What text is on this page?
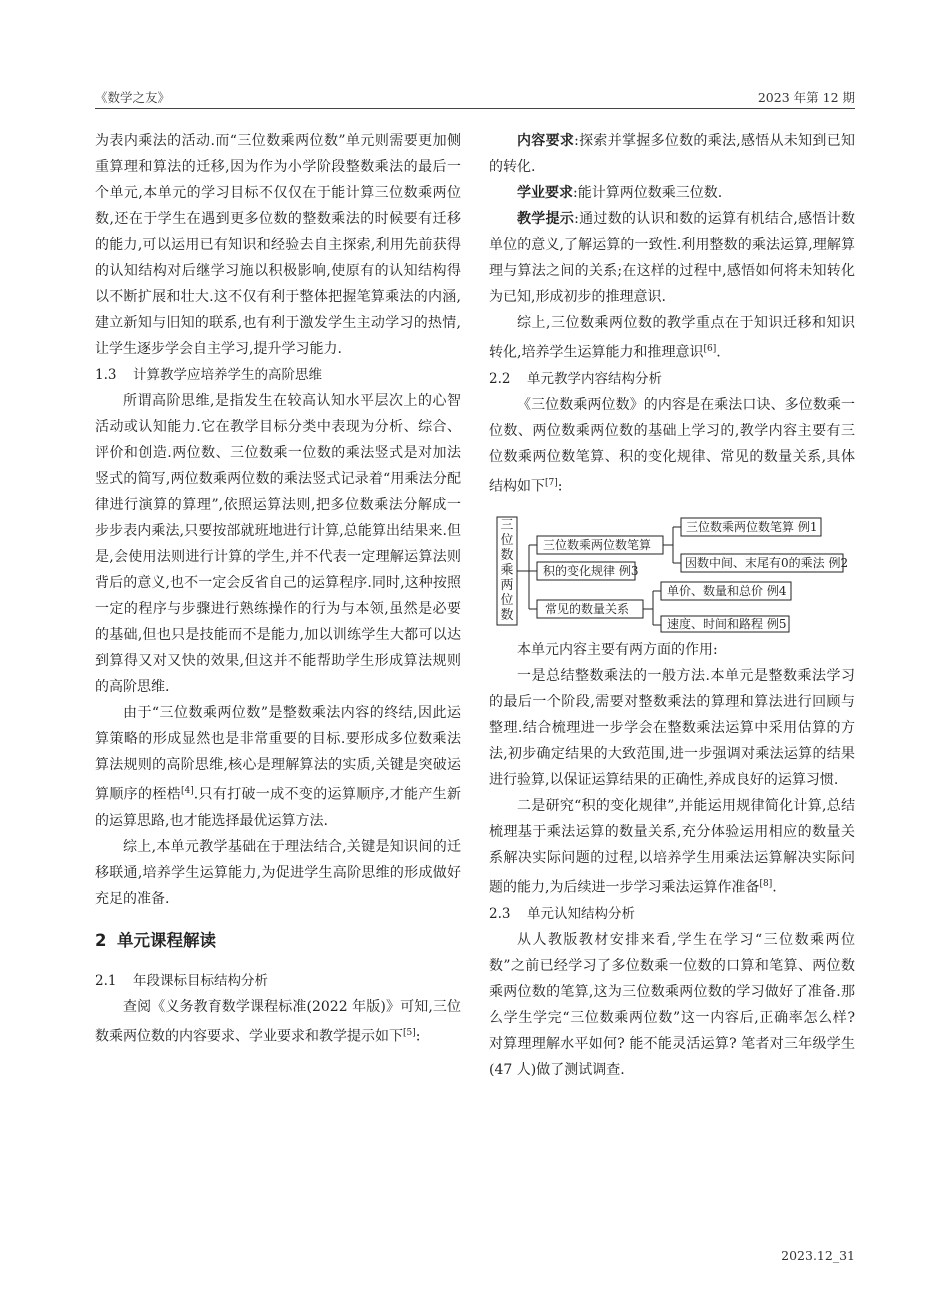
《数学之友》	2023 年第 12 期

为表内乘法的活动.而“三位数乘两位数”单元则需要更加侧重算理和算法的迁移,因为作为小学阶段整数乘法的最后一个单元,本单元的学习目标不仅仅在于能计算三位数乘两位数,还在于学生在遇到更多位数的整数乘法的时候要有迁移的能力,可以运用已有知识和经验去自主探索,利用先前获得的认知结构对后继学习施以积极影响,使原有的认知结构得以不断扩展和壮大.这不仅有利于整体把握笔算乘法的内涵,建立新知与旧知的联系,也有利于激发学生主动学习的热情,让学生逐步学会自主学习,提升学习能力.

1.3 计算教学应培养学生的高阶思维

所谓高阶思维,是指发生在较高认知水平层次上的心智活动或认知能力.它在教学目标分类中表现为分析、综合、评价和创造.两位数、三位数乘一位数的乘法竖式是对加法竖式的简写,两位数乘两位数的乘法竖式记录着“用乘法分配律进行演算的算理”,依照运算法则,把多位数乘法分解成一步步表内乘法,只要按部就班地进行计算,总能算出结果来.但是,会使用法则进行计算的学生,并不代表一定理解运算法则背后的意义,也不一定会反省自己的运算程序.同时,这种按照一定的程序与步骤进行熟练操作的行为与本领,虽然是必要的基础,但也只是技能而不是能力,加以训练学生大都可以达到算得又对又快的效果,但这并不能帮助学生形成算法规则的高阶思维.

由于“三位数乘两位数”是整数乘法内容的终结,因此运算策略的形成显然也是非常重要的目标.要形成多位数乘法算法规则的高阶思维,核心是理解算法的实质,关键是突破运算顺序的桎梏[4].只有打破一成不变的运算顺序,才能产生新的运算思路,也才能选择最优运算方法.

综上,本单元教学基础在于理法结合,关键是知识间的迁移联通,培养学生运算能力,为促进学生高阶思维的形成做好充足的准备.

2 单元课程解读

2.1 年段课标目标结构分析

查阅《义务教育数学课程标准(2022 年版)》可知,三位数乘两位数的内容要求、学业要求和教学提示如下[5]:

内容要求:探索并掌握多位数的乘法,感悟从未知到已知的转化.

学业要求:能计算两位数乘三位数.

教学提示:通过数的认识和数的运算有机结合,感悟计数单位的意义,了解运算的一致性.利用整数的乘法运算,理解算理与算法之间的关系;在这样的过程中,感悟如何将未知转化为已知,形成初步的推理意识.

综上,三位数乘两位数的教学重点在于知识迁移和知识转化,培养学生运算能力和推理意识[6].

2.2 单元教学内容结构分析

《三位数乘两位数》的内容是在乘法口诀、多位数乘一位数、两位数乘两位数的基础上学习的,教学内容主要有三位数乘两位数笔算、积的变化规律、常见的数量关系,具体结构如下[7]:

三位数乘两位数
三位数乘两位数笔算
积的变化规律 例3
常见的数量关系
三位数乘两位数笔算 例1
因数中间、末尾有0的乘法 例2
单价、数量和总价 例4
速度、时间和路程 例5

本单元内容主要有两方面的作用:

一是总结整数乘法的一般方法.本单元是整数乘法学习的最后一个阶段,需要对整数乘法的算理和算法进行回顾与整理.结合梳理进一步学会在整数乘法运算中采用估算的方法,初步确定结果的大致范围,进一步强调对乘法运算的结果进行验算,以保证运算结果的正确性,养成良好的运算习惯.

二是研究“积的变化规律”,并能运用规律简化计算,总结梳理基于乘法运算的数量关系,充分体验运用相应的数量关系解决实际问题的过程,以培养学生用乘法运算解决实际问题的能力,为后续进一步学习乘法运算作准备[8].

2.3 单元认知结构分析

从人教版教材安排来看,学生在学习“三位数乘两位数”之前已经学习了多位数乘一位数的口算和笔算、两位数乘两位数的笔算,这为三位数乘两位数的学习做好了准备.那么学生学完“三位数乘两位数”这一内容后,正确率怎么样? 对算理理解水平如何? 能不能灵活运算? 笔者对三年级学生(47 人)做了测试调查.

2023.12_31
